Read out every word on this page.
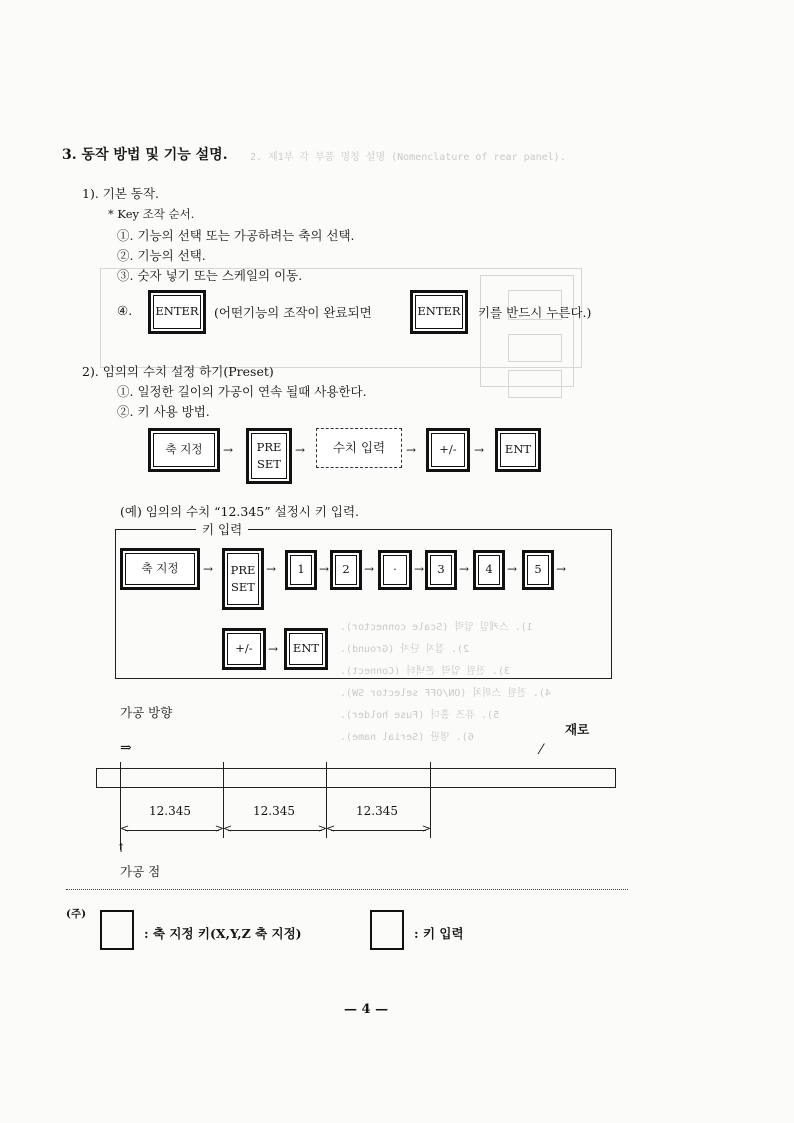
2. 제1부 각 부품 명칭 설명 (Nomenclature of rear panel).
1). 스케일 입력 (Scale connector).
2). 접지 단자 (Ground).
3). 전원 입력 콘넥터 (Connect).
4). 전원 스위치 (ON/OFF selector SW).
5). 퓨즈 홀더 (Fuse holder).
6). 명판 (Serial name).
3. 동작 방법 및 기능 설명.
1). 기본 동작.
* Key 조작 순서.
①. 기능의 선택 또는 가공하려는 축의 선택.
②. 기능의 선택.
③. 숫자 넣기 또는 스케일의 이동.
④.	ENTER	(어떤기능의 조작이 완료되면	ENTER	키를 반드시 누른다.)
2). 임의의 수치 설정 하기(Preset)
①. 일정한 길이의 가공이 연속 될때 사용한다.
②. 키 사용 방법.
축 지정	→ PRE
SET
→	수치 입력	→	+/-	→	ENT
(예) 임의의 수치 “12.345” 설정시 키 입력.
키 입력
축 지정	→ PRE
SET
→	1	→	2	→	·	→	3	→	4	→	5	→
+/-	→	ENT
가공 방향
재로
⇒	⁄
12.345	12.345	12.345
<	> <	> <	>
↑
가공 점
(주)
: 축 지정 키(X,Y,Z 축 지정)	: 키 입력
— 4 —
